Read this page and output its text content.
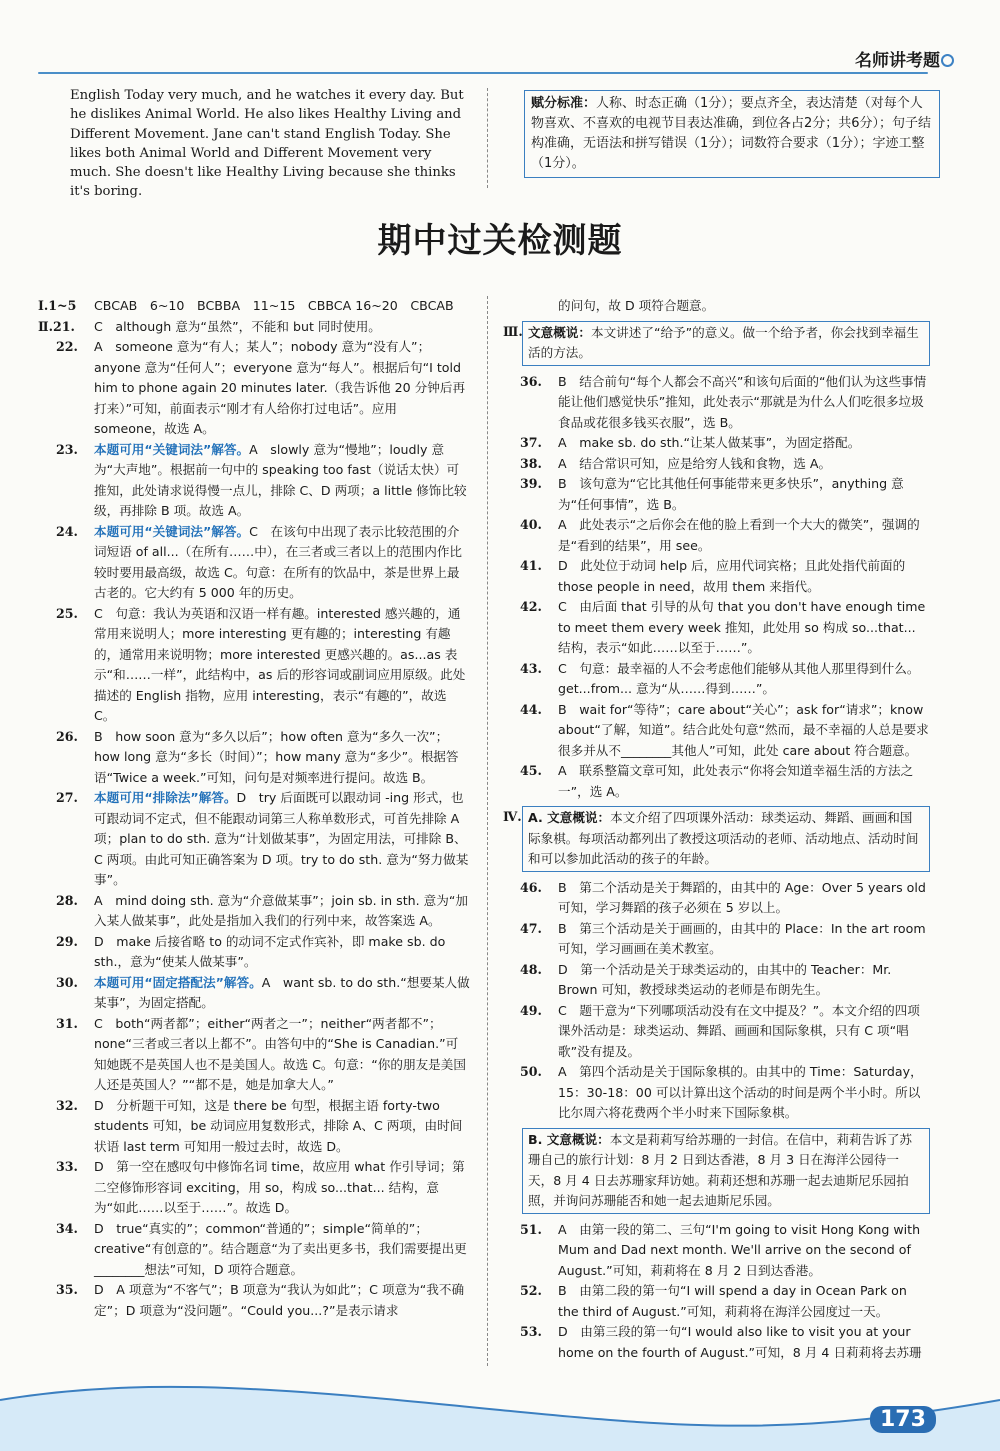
名师讲考题
English Today very much, and he watches it every day. But he dislikes Animal World. He also likes Healthy Living and Different Movement. Jane can't stand English Today. She likes both Animal World and Different Movement very much. She doesn't like Healthy Living because she thinks it's boring.
赋分标准：人称、时态正确（1分）；要点齐全，表达清楚（对每个人物喜欢、不喜欢的电视节目表达准确，到位各占2分；共6分）；句子结构准确，无语法和拼写错误（1分）；词数符合要求（1分）；字迹工整（1分）。
期中过关检测题
Ⅰ.1~5 CBCAB　6~10　BCBBA　11~15　CBBCA 16~20　CBCAB
Ⅱ.21. C　although 意为“虽然”，不能和 but 同时使用。
22. A　someone 意为“有人；某人”；nobody 意为“没有人”；anyone 意为“任何人”；everyone 意为“每人”。根据后句“I told him to phone again 20 minutes later.（我告诉他 20 分钟后再打来）”可知，前面表示“刚才有人给你打过电话”。应用 someone，故选 A。
23. 本题可用“关键词法”解答。A　slowly 意为“慢地”；loudly 意为“大声地”。根据前一句中的 speaking too fast（说话太快）可推知，此处请求说得慢一点儿，排除 C、D 两项；a little 修饰比较级，再排除 B 项。故选 A。
24. 本题可用“关键词法”解答。C　在该句中出现了表示比较范围的介词短语 of all...（在所有……中），在三者或三者以上的范围内作比较时要用最高级，故选 C。句意：在所有的饮品中，茶是世界上最古老的。它大约有 5 000 年的历史。
25. C　句意：我认为英语和汉语一样有趣。interested 感兴趣的，通常用来说明人；more interesting 更有趣的；interesting 有趣的，通常用来说明物；more interested 更感兴趣的。as...as 表示“和……一样”，此结构中，as 后的形容词或副词应用原级。此处描述的 English 指物，应用 interesting，表示“有趣的”，故选 C。
26. B　how soon 意为“多久以后”；how often 意为“多久一次”；how long 意为“多长（时间）”；how many 意为“多少”。根据答语“Twice a week.”可知，问句是对频率进行提问。故选 B。
27. 本题可用“排除法”解答。D　try 后面既可以跟动词 -ing 形式，也可跟动词不定式，但不能跟动词第三人称单数形式，可首先排除 A 项；plan to do sth. 意为“计划做某事”，为固定用法，可排除 B、C 两项。由此可知正确答案为 D 项。try to do sth. 意为“努力做某事”。
28. A　mind doing sth. 意为“介意做某事”；join sb. in sth. 意为“加入某人做某事”，此处是指加入我们的行列中来，故答案选 A。
29. D　make 后接省略 to 的动词不定式作宾补，即 make sb. do sth.，意为“使某人做某事”。
30. 本题可用“固定搭配法”解答。A　want sb. to do sth.“想要某人做某事”，为固定搭配。
31. C　both“两者都”；either“两者之一”；neither“两者都不”；none“三者或三者以上都不”。由答句中的“She is Canadian.”可知她既不是英国人也不是美国人。故选 C。句意：“你的朋友是美国人还是英国人？”“都不是，她是加拿大人。”
32. D　分析题干可知，这是 there be 句型，根据主语 forty-two students 可知，be 动词应用复数形式，排除 A、C 两项，由时间状语 last term 可知用一般过去时，故选 D。
33. D　第一空在感叹句中修饰名词 time，故应用 what 作引导词；第二空修饰形容词 exciting，用 so，构成 so...that... 结构，意为“如此……以至于……”。故选 D。
34. D　true“真实的”；common“普通的”；simple“简单的”；creative“有创意的”。结合题意“为了卖出更多书，我们需要提出更________想法”可知，D 项符合题意。
35. D　A 项意为“不客气”；B 项意为“我认为如此”；C 项意为“我不确定”；D 项意为“没问题”。“Could you...?”是表示请求
的问句，故 D 项符合题意。
Ⅲ. 文意概说：本文讲述了“给予”的意义。做一个给予者，你会找到幸福生活的方法。
36. B　结合前句“每个人都会不高兴”和该句后面的“他们认为这些事情能让他们感觉快乐”推知，此处表示“那就是为什么人们吃很多垃圾食品或花很多钱买衣服”，选 B。
37. A　make sb. do sth.“让某人做某事”，为固定搭配。
38. A　结合常识可知，应是给穷人钱和食物，选 A。
39. B　该句意为“它比其他任何事能带来更多快乐”，anything 意为“任何事情”，选 B。
40. A　此处表示“之后你会在他的脸上看到一个大大的微笑”，强调的是“看到的结果”，用 see。
41. D　此处位于动词 help 后，应用代词宾格；且此处指代前面的 those people in need，故用 them 来指代。
42. C　由后面 that 引导的从句 that you don't have enough time to meet them every week 推知，此处用 so 构成 so...that... 结构，表示“如此……以至于……”。
43. C　句意：最幸福的人不会考虑他们能够从其他人那里得到什么。get...from... 意为“从……得到……”。
44. B　wait for“等待”；care about“关心”；ask for“请求”；know about“了解，知道”。结合此处句意“然而，最不幸福的人总是要求很多并从不________其他人”可知，此处 care about 符合题意。
45. A　联系整篇文章可知，此处表示“你将会知道幸福生活的方法之一”，选 A。
Ⅳ. A. 文意概说：本文介绍了四项课外活动：球类运动、舞蹈、画画和国际象棋。每项活动都列出了教授这项活动的老师、活动地点、活动时间和可以参加此活动的孩子的年龄。
46. B　第二个活动是关于舞蹈的，由其中的 Age：Over 5 years old 可知，学习舞蹈的孩子必须在 5 岁以上。
47. B　第三个活动是关于画画的，由其中的 Place：In the art room 可知，学习画画在美术教室。
48. D　第一个活动是关于球类运动的，由其中的 Teacher：Mr. Brown 可知，教授球类运动的老师是布朗先生。
49. C　题干意为“下列哪项活动没有在文中提及？”。本文介绍的四项课外活动是：球类运动、舞蹈、画画和国际象棋，只有 C 项“唱歌”没有提及。
50. A　第四个活动是关于国际象棋的。由其中的 Time：Saturday，15：30-18：00 可以计算出这个活动的时间是两个半小时。所以比尔周六将花费两个半小时来下国际象棋。
B. 文意概说：本文是莉莉写给苏珊的一封信。在信中，莉莉告诉了苏珊自己的旅行计划：8 月 2 日到达香港，8 月 3 日在海洋公园待一天，8 月 4 日去苏珊家拜访她。莉莉还想和苏珊一起去迪斯尼乐园拍照，并询问苏珊能否和她一起去迪斯尼乐园。
51. A　由第一段的第二、三句“I'm going to visit Hong Kong with Mum and Dad next month. We'll arrive on the second of August.”可知，莉莉将在 8 月 2 日到达香港。
52. B　由第二段的第一句“I will spend a day in Ocean Park on the third of August.”可知，莉莉将在海洋公园度过一天。
53. D　由第三段的第一句“I would also like to visit you at your home on the fourth of August.”可知，8 月 4 日莉莉将去苏珊
173
